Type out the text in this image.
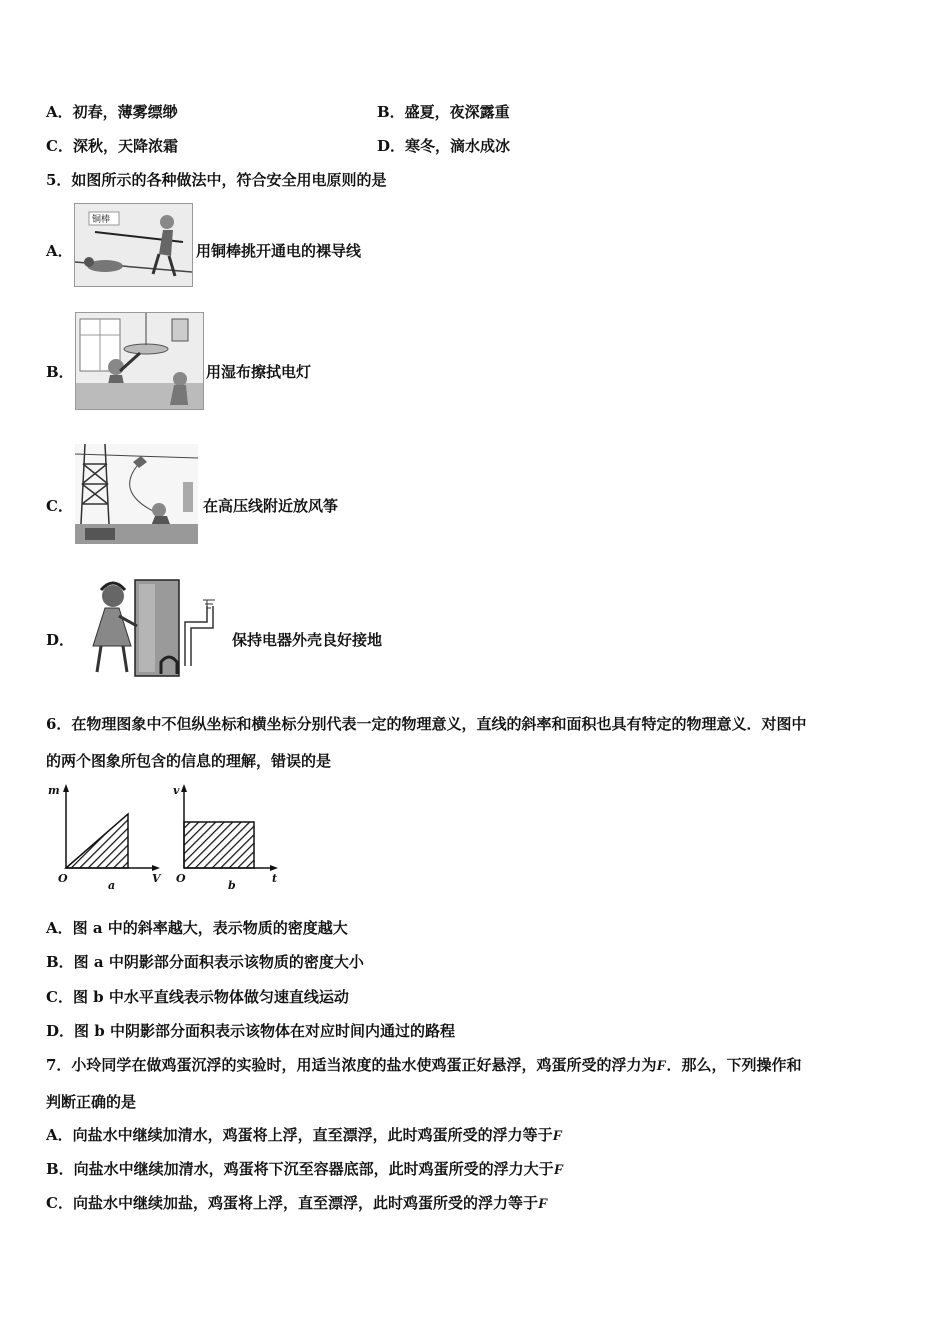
A．初春，薄雾缥缈	B．盛夏，夜深露重
C．深秋，天降浓霜	D．寒冬，滴水成冰
5．如图所示的各种做法中，符合安全用电原则的是
A．
铜棒
用铜棒挑开通电的裸导线
B．	用湿布擦拭电灯
C．	在高压线附近放风筝
D．	保持电器外壳良好接地
6．在物理图象中不但纵坐标和横坐标分别代表一定的物理意义，直线的斜率和面积也具有特定的物理意义．对图中
的两个图象所包含的信息的理解，错误的是
m
O	V
a
v
O	t
b
A．图 a 中的斜率越大，表示物质的密度越大
B．图 a 中阴影部分面积表示该物质的密度大小
C．图 b 中水平直线表示物体做匀速直线运动
D．图 b 中阴影部分面积表示该物体在对应时间内通过的路程
7．小玲同学在做鸡蛋沉浮的实验时，用适当浓度的盐水使鸡蛋正好悬浮，鸡蛋所受的浮力为F．那么，下列操作和
判断正确的是
A．向盐水中继续加清水，鸡蛋将上浮，直至漂浮，此时鸡蛋所受的浮力等于F
B．向盐水中继续加清水，鸡蛋将下沉至容器底部，此时鸡蛋所受的浮力大于F
C．向盐水中继续加盐，鸡蛋将上浮，直至漂浮，此时鸡蛋所受的浮力等于F
